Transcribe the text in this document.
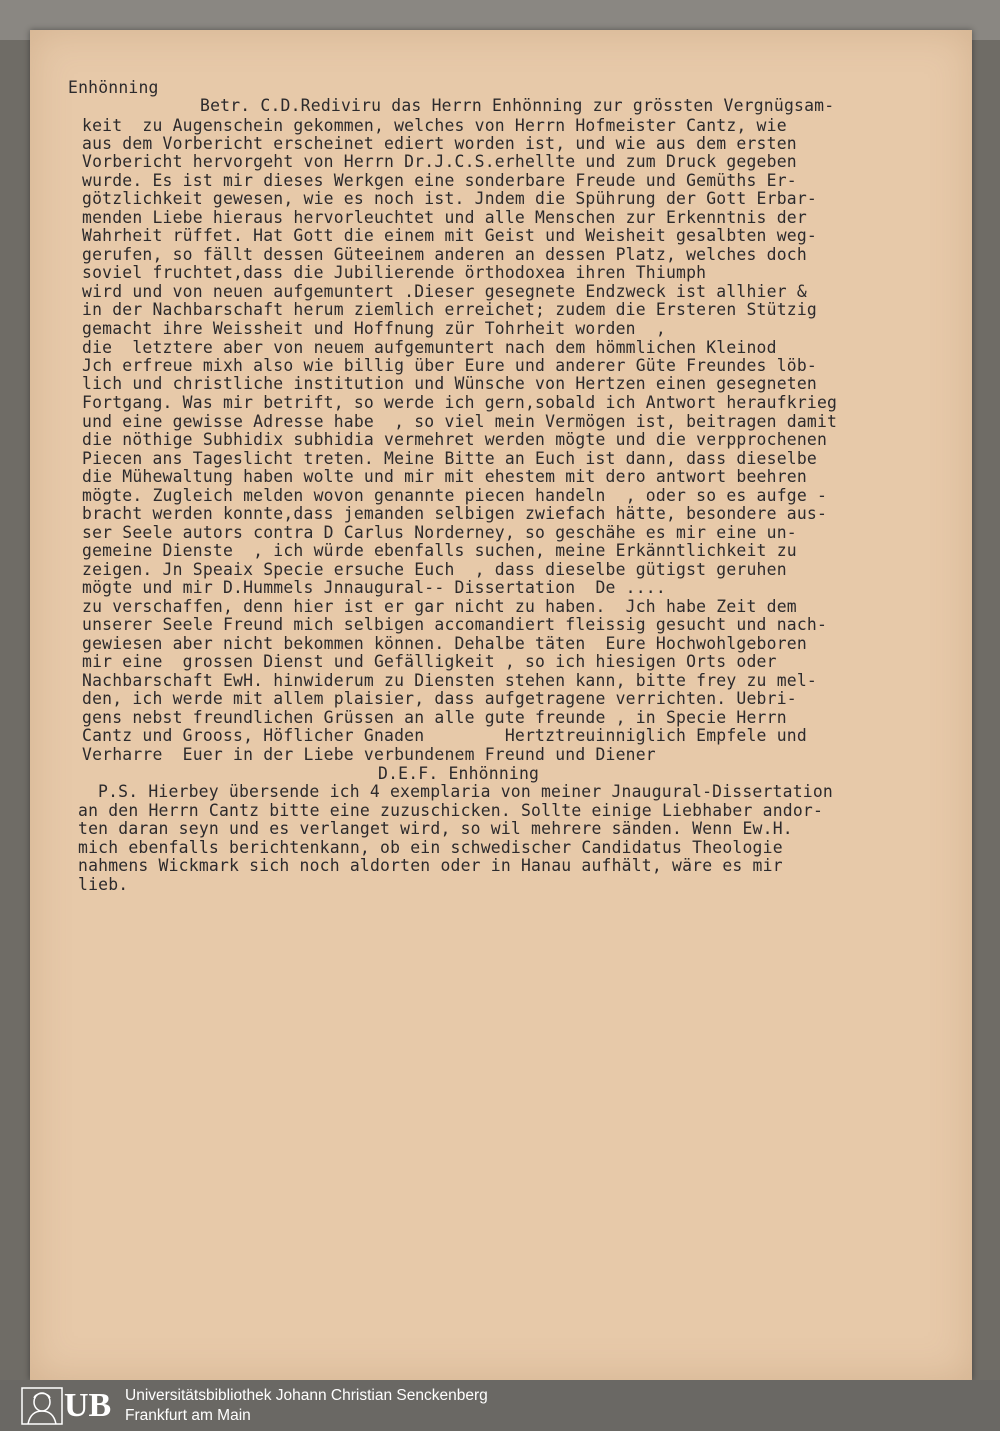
Enhönning
Betr. C.D.Rediviru das Herrn Enhönning zur grössten Vergnügsam-
keit  zu Augenschein gekommen, welches von Herrn Hofmeister Cantz, wie
aus dem Vorbericht erscheinet ediert worden ist, und wie aus dem ersten
Vorbericht hervorgeht von Herrn Dr.J.C.S.erhellte und zum Druck gegeben
wurde. Es ist mir dieses Werkgen eine sonderbare Freude und Gemüths Er-
götzlichkeit gewesen, wie es noch ist. Jndem die Spührung der Gott Erbar-
menden Liebe hieraus hervorleuchtet und alle Menschen zur Erkenntnis der
Wahrheit rüffet. Hat Gott die einem mit Geist und Weisheit gesalbten weg-
gerufen, so fällt dessen Güteeinem anderen an dessen Platz, welches doch
soviel fruchtet,dass die Jubilierende örthodoxea ihren Thiumph
wird und von neuen aufgemuntert .Dieser gesegnete Endzweck ist allhier &
in der Nachbarschaft herum ziemlich erreichet; zudem die Ersteren Stützig
gemacht ihre Weissheit und Hoffnung zür Tohrheit worden  ,
die  letztere aber von neuem aufgemuntert nach dem hömmlichen Kleinod
Jch erfreue mixh also wie billig über Eure und anderer Güte Freundes löb-
lich und christliche institution und Wünsche von Hertzen einen gesegneten
Fortgang. Was mir betrift, so werde ich gern,sobald ich Antwort heraufkrieg
und eine gewisse Adresse habe  , so viel mein Vermögen ist, beitragen damit
die nöthige Subhidix subhidia vermehret werden mögte und die verpprochenen
Piecen ans Tageslicht treten. Meine Bitte an Euch ist dann, dass dieselbe
die Mühewaltung haben wolte und mir mit ehestem mit dero antwort beehren
mögte. Zugleich melden wovon genannte piecen handeln  , oder so es aufge -
bracht werden konnte,dass jemanden selbigen zwiefach hätte, besondere aus-
ser Seele autors contra D Carlus Norderney, so geschähe es mir eine un-
gemeine Dienste  , ich würde ebenfalls suchen, meine Erkänntlichkeit zu
zeigen. Jn Speaix Specie ersuche Euch  , dass dieselbe gütigst geruhen
mögte und mir D.Hummels Jnnaugural-- Dissertation  De ....
zu verschaffen, denn hier ist er gar nicht zu haben.  Jch habe Zeit dem
unserer Seele Freund mich selbigen accomandiert fleissig gesucht und nach-
gewiesen aber nicht bekommen können. Dehalbe täten  Eure Hochwohlgeboren
mir eine  grossen Dienst und Gefälligkeit , so ich hiesigen Orts oder
Nachbarschaft EwH. hinwiderum zu Diensten stehen kann, bitte frey zu mel-
den, ich werde mit allem plaisier, dass aufgetragene verrichten. Uebri-
gens nebst freundlichen Grüssen an alle gute freunde , in Specie Herrn
Cantz und Grooss, Höflicher Gnaden        Hertztreuinniglich Empfele und
Verharre  Euer in der Liebe verbundenem Freund und Diener
D.E.F. Enhönning
P.S. Hierbey übersende ich 4 exemplaria von meiner Jnaugural-Dissertation
an den Herrn Cantz bitte eine zuzuschicken. Sollte einige Liebhaber andor-
ten daran seyn und es verlanget wird, so wil mehrere sänden. Wenn Ew.H.
mich ebenfalls berichtenkann, ob ein schwedischer Candidatus Theologie
nahmens Wickmark sich noch aldorten oder in Hanau aufhält, wäre es mir
lieb.
UB Universitätsbibliothek Johann Christian Senckenberg
Frankfurt am Main
